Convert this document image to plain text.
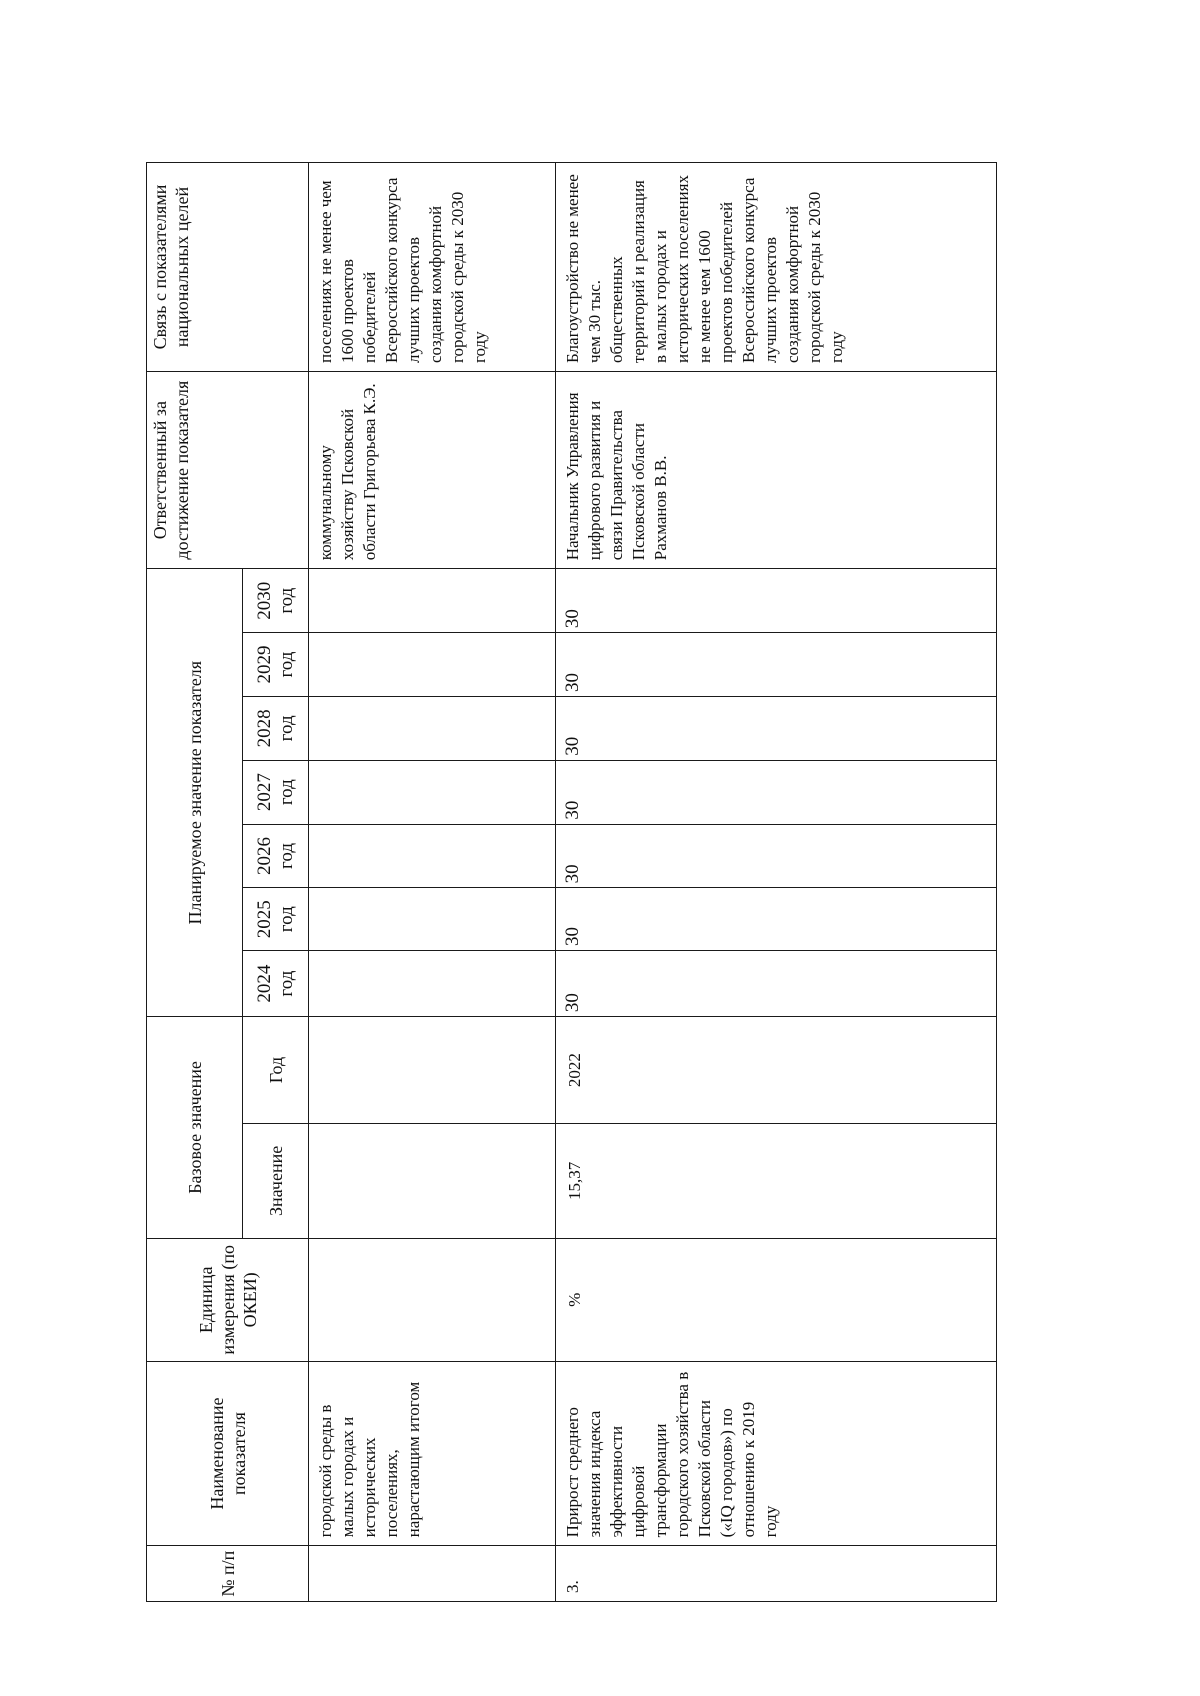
№ п/п	Наименование показателя	Единица измерения (по ОКЕИ)	Базовое значение		Планируемое значение показателя							Ответственный за достижение показателя	Связь с показателями национальных целей
			Значение	Год	2024 год	2025 год	2026 год	2027 год	2028 год	2029 год	2030 год		
	городской среды в малых городах и исторических поселениях, нарастающим итогом											коммунальному хозяйству Псковской области Григорьева К.Э.	поселениях не менее чем 1600 проектов победителей Всероссийского конкурса лучших проектов создания комфортной городской среды к 2030 году
3.	Прирост среднего значения индекса эффективности цифровой трансформации городского хозяйства в Псковской области («IQ городов») по отношению к 2019 году	%	15,37	2022	30	30	30	30	30	30	30	Начальник Управления цифрового развития и связи Правительства Псковской области Рахманов В.В.	Благоустройство не менее чем 30 тыс. общественных территорий и реализация в малых городах и исторических поселениях не менее чем 1600 проектов победителей Всероссийского конкурса лучших проектов создания комфортной городской среды к 2030 году
